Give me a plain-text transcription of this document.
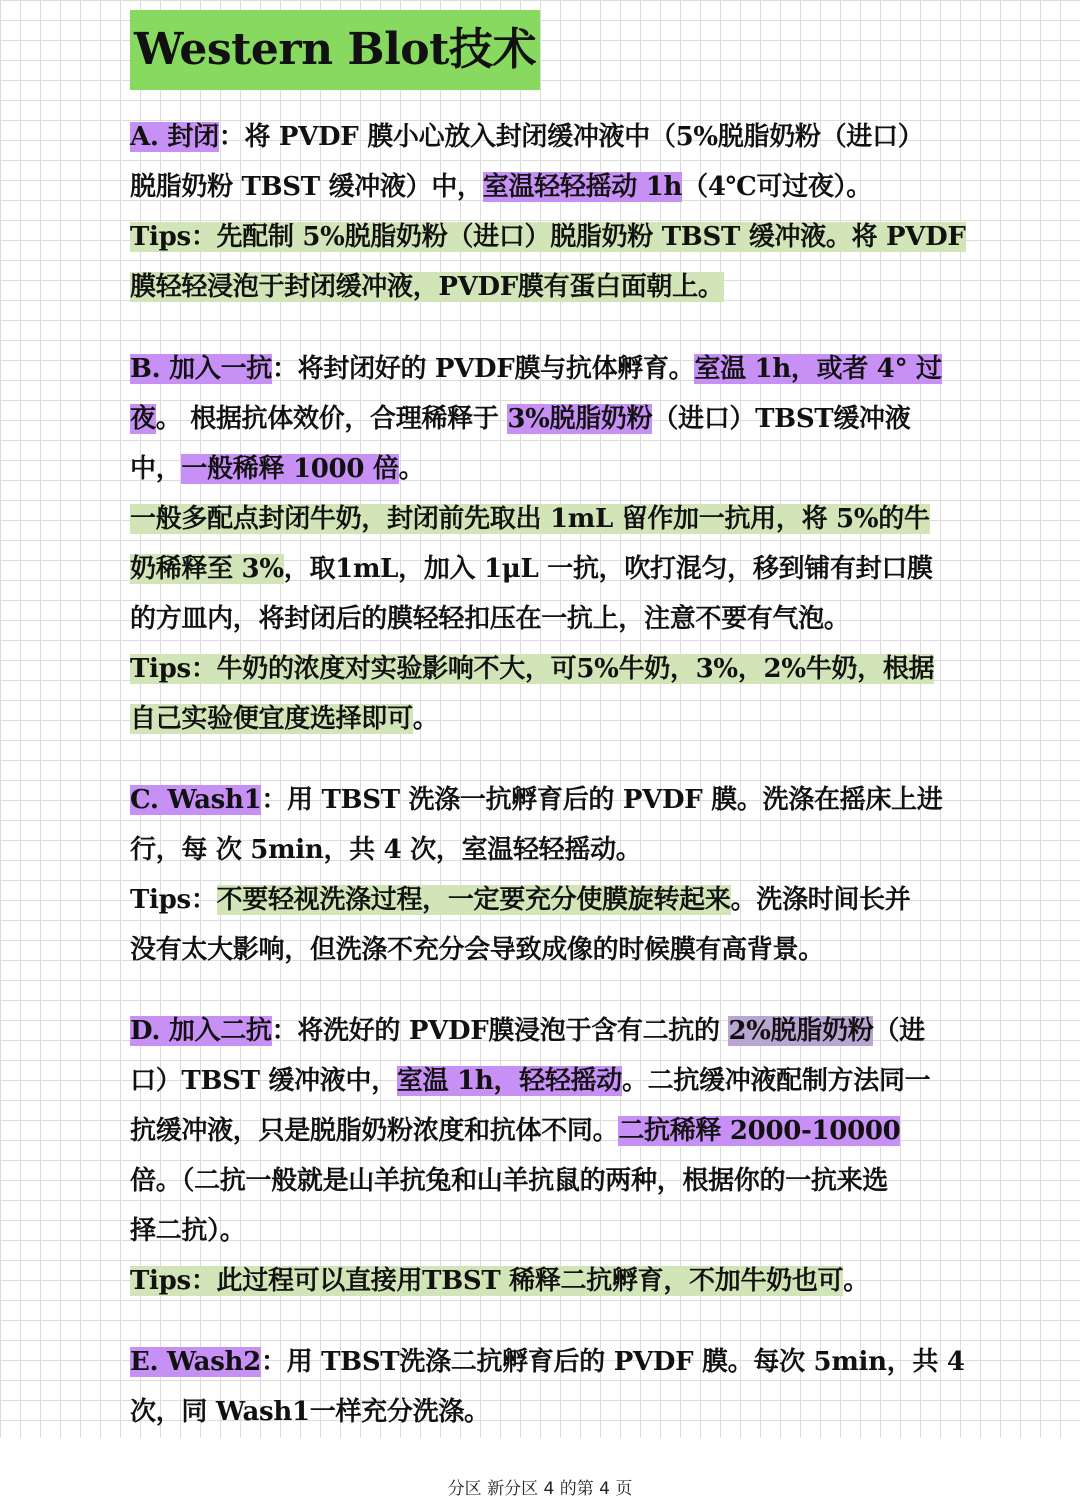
Western Blot技术
A. 封闭：将 PVDF 膜小心放入封闭缓冲液中（5%脱脂奶粉（进口）
脱脂奶粉 TBST 缓冲液）中，室温轻轻摇动 1h（4℃可过夜）。
Tips：先配制 5%脱脂奶粉（进口）脱脂奶粉 TBST 缓冲液。将 PVDF
膜轻轻浸泡于封闭缓冲液，PVDF膜有蛋白面朝上。
B. 加入一抗：将封闭好的 PVDF膜与抗体孵育。室温 1h，或者 4° 过
夜。 根据抗体效价，合理稀释于 3%脱脂奶粉（进口）TBST缓冲液
中，一般稀释 1000 倍。
一般多配点封闭牛奶，封闭前先取出 1mL 留作加一抗用，将 5%的牛
奶稀释至 3%，取1mL，加入 1μL 一抗，吹打混匀，移到铺有封口膜
的方皿内，将封闭后的膜轻轻扣压在一抗上，注意不要有气泡。
Tips：牛奶的浓度对实验影响不大，可5%牛奶，3%，2%牛奶，根据
自己实验便宜度选择即可。
C. Wash1：用 TBST 洗涤一抗孵育后的 PVDF 膜。洗涤在摇床上进
行，每 次 5min，共 4 次，室温轻轻摇动。
Tips：不要轻视洗涤过程，一定要充分使膜旋转起来。洗涤时间长并
没有太大影响，但洗涤不充分会导致成像的时候膜有高背景。
D. 加入二抗：将洗好的 PVDF膜浸泡于含有二抗的 2%脱脂奶粉（进
口）TBST 缓冲液中，室温 1h，轻轻摇动。二抗缓冲液配制方法同一
抗缓冲液，只是脱脂奶粉浓度和抗体不同。二抗稀释 2000-10000
倍。（二抗一般就是山羊抗兔和山羊抗鼠的两种，根据你的一抗来选
择二抗）。
Tips：此过程可以直接用TBST 稀释二抗孵育，不加牛奶也可。
E. Wash2：用 TBST洗涤二抗孵育后的 PVDF 膜。每次 5min，共 4
次，同 Wash1一样充分洗涤。
分区 新分区 4 的第 4 页
